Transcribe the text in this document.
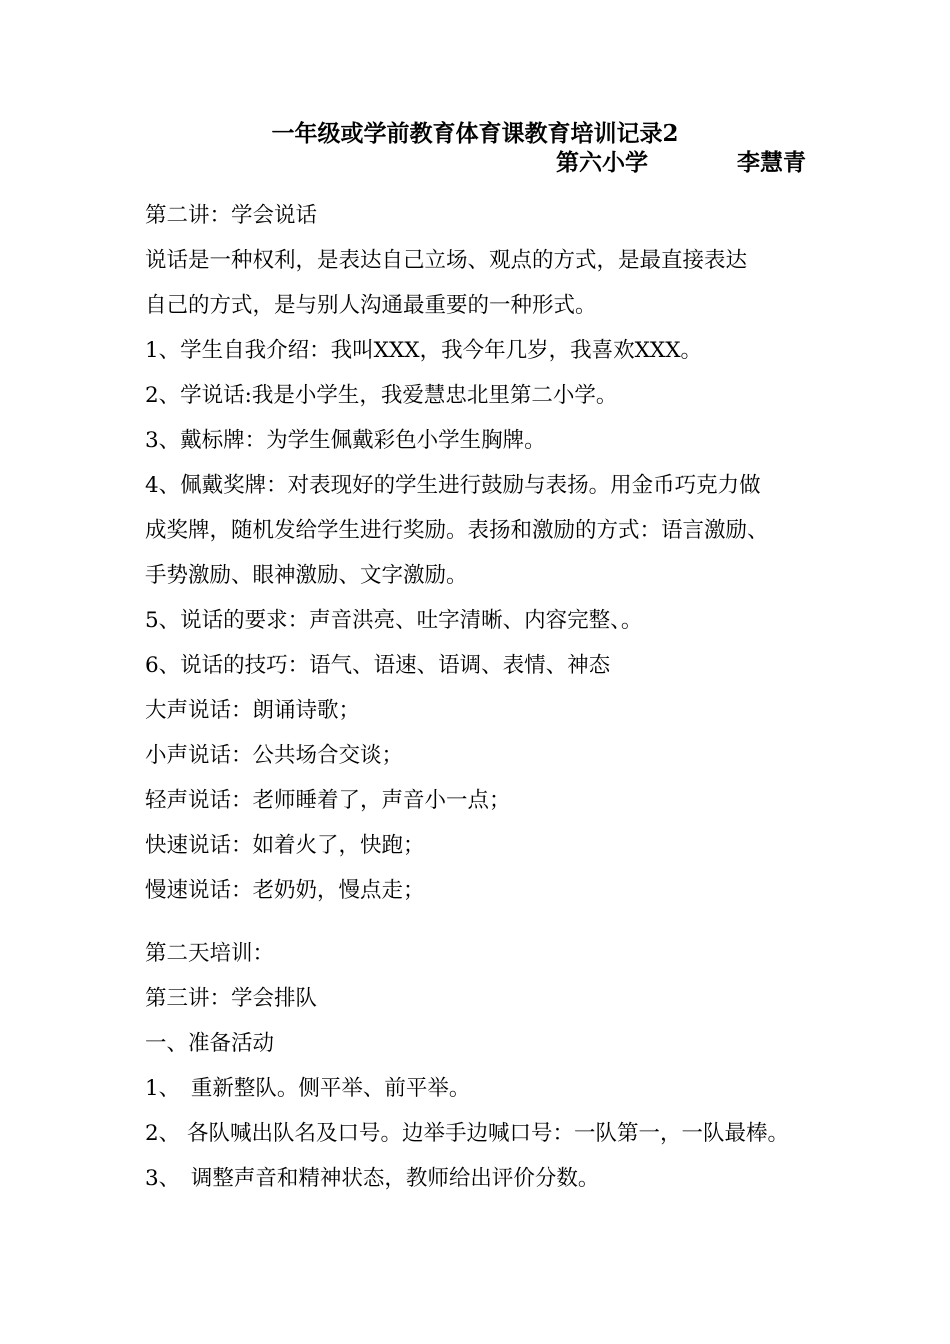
一年级或学前教育体育课教育培训记录2
第六小学	李慧青

第二讲：学会说话

说话是一种权利，是表达自己立场、观点的方式，是最直接表达

自己的方式，是与别人沟通最重要的一种形式。

1、学生自我介绍：我叫XXX，我今年几岁，我喜欢XXX。

2、学说话:我是小学生，我爱慧忠北里第二小学。

3、戴标牌：为学生佩戴彩色小学生胸牌。

4、佩戴奖牌：对表现好的学生进行鼓励与表扬。用金币巧克力做

成奖牌，随机发给学生进行奖励。表扬和激励的方式：语言激励、

手势激励、眼神激励、文字激励。

5、说话的要求：声音洪亮、吐字清晰、内容完整、。

6、说话的技巧：语气、语速、语调、表情、神态

大声说话：朗诵诗歌；

小声说话：公共场合交谈；

轻声说话：老师睡着了，声音小一点；

快速说话：如着火了，快跑；

慢速说话：老奶奶，慢点走；

第二天培训：

第三讲：学会排队

一、准备活动

1、　重新整队。侧平举、前平举。

2、 各队喊出队名及口号。边举手边喊口号：一队第一，一队最棒。

3、　调整声音和精神状态，教师给出评价分数。
